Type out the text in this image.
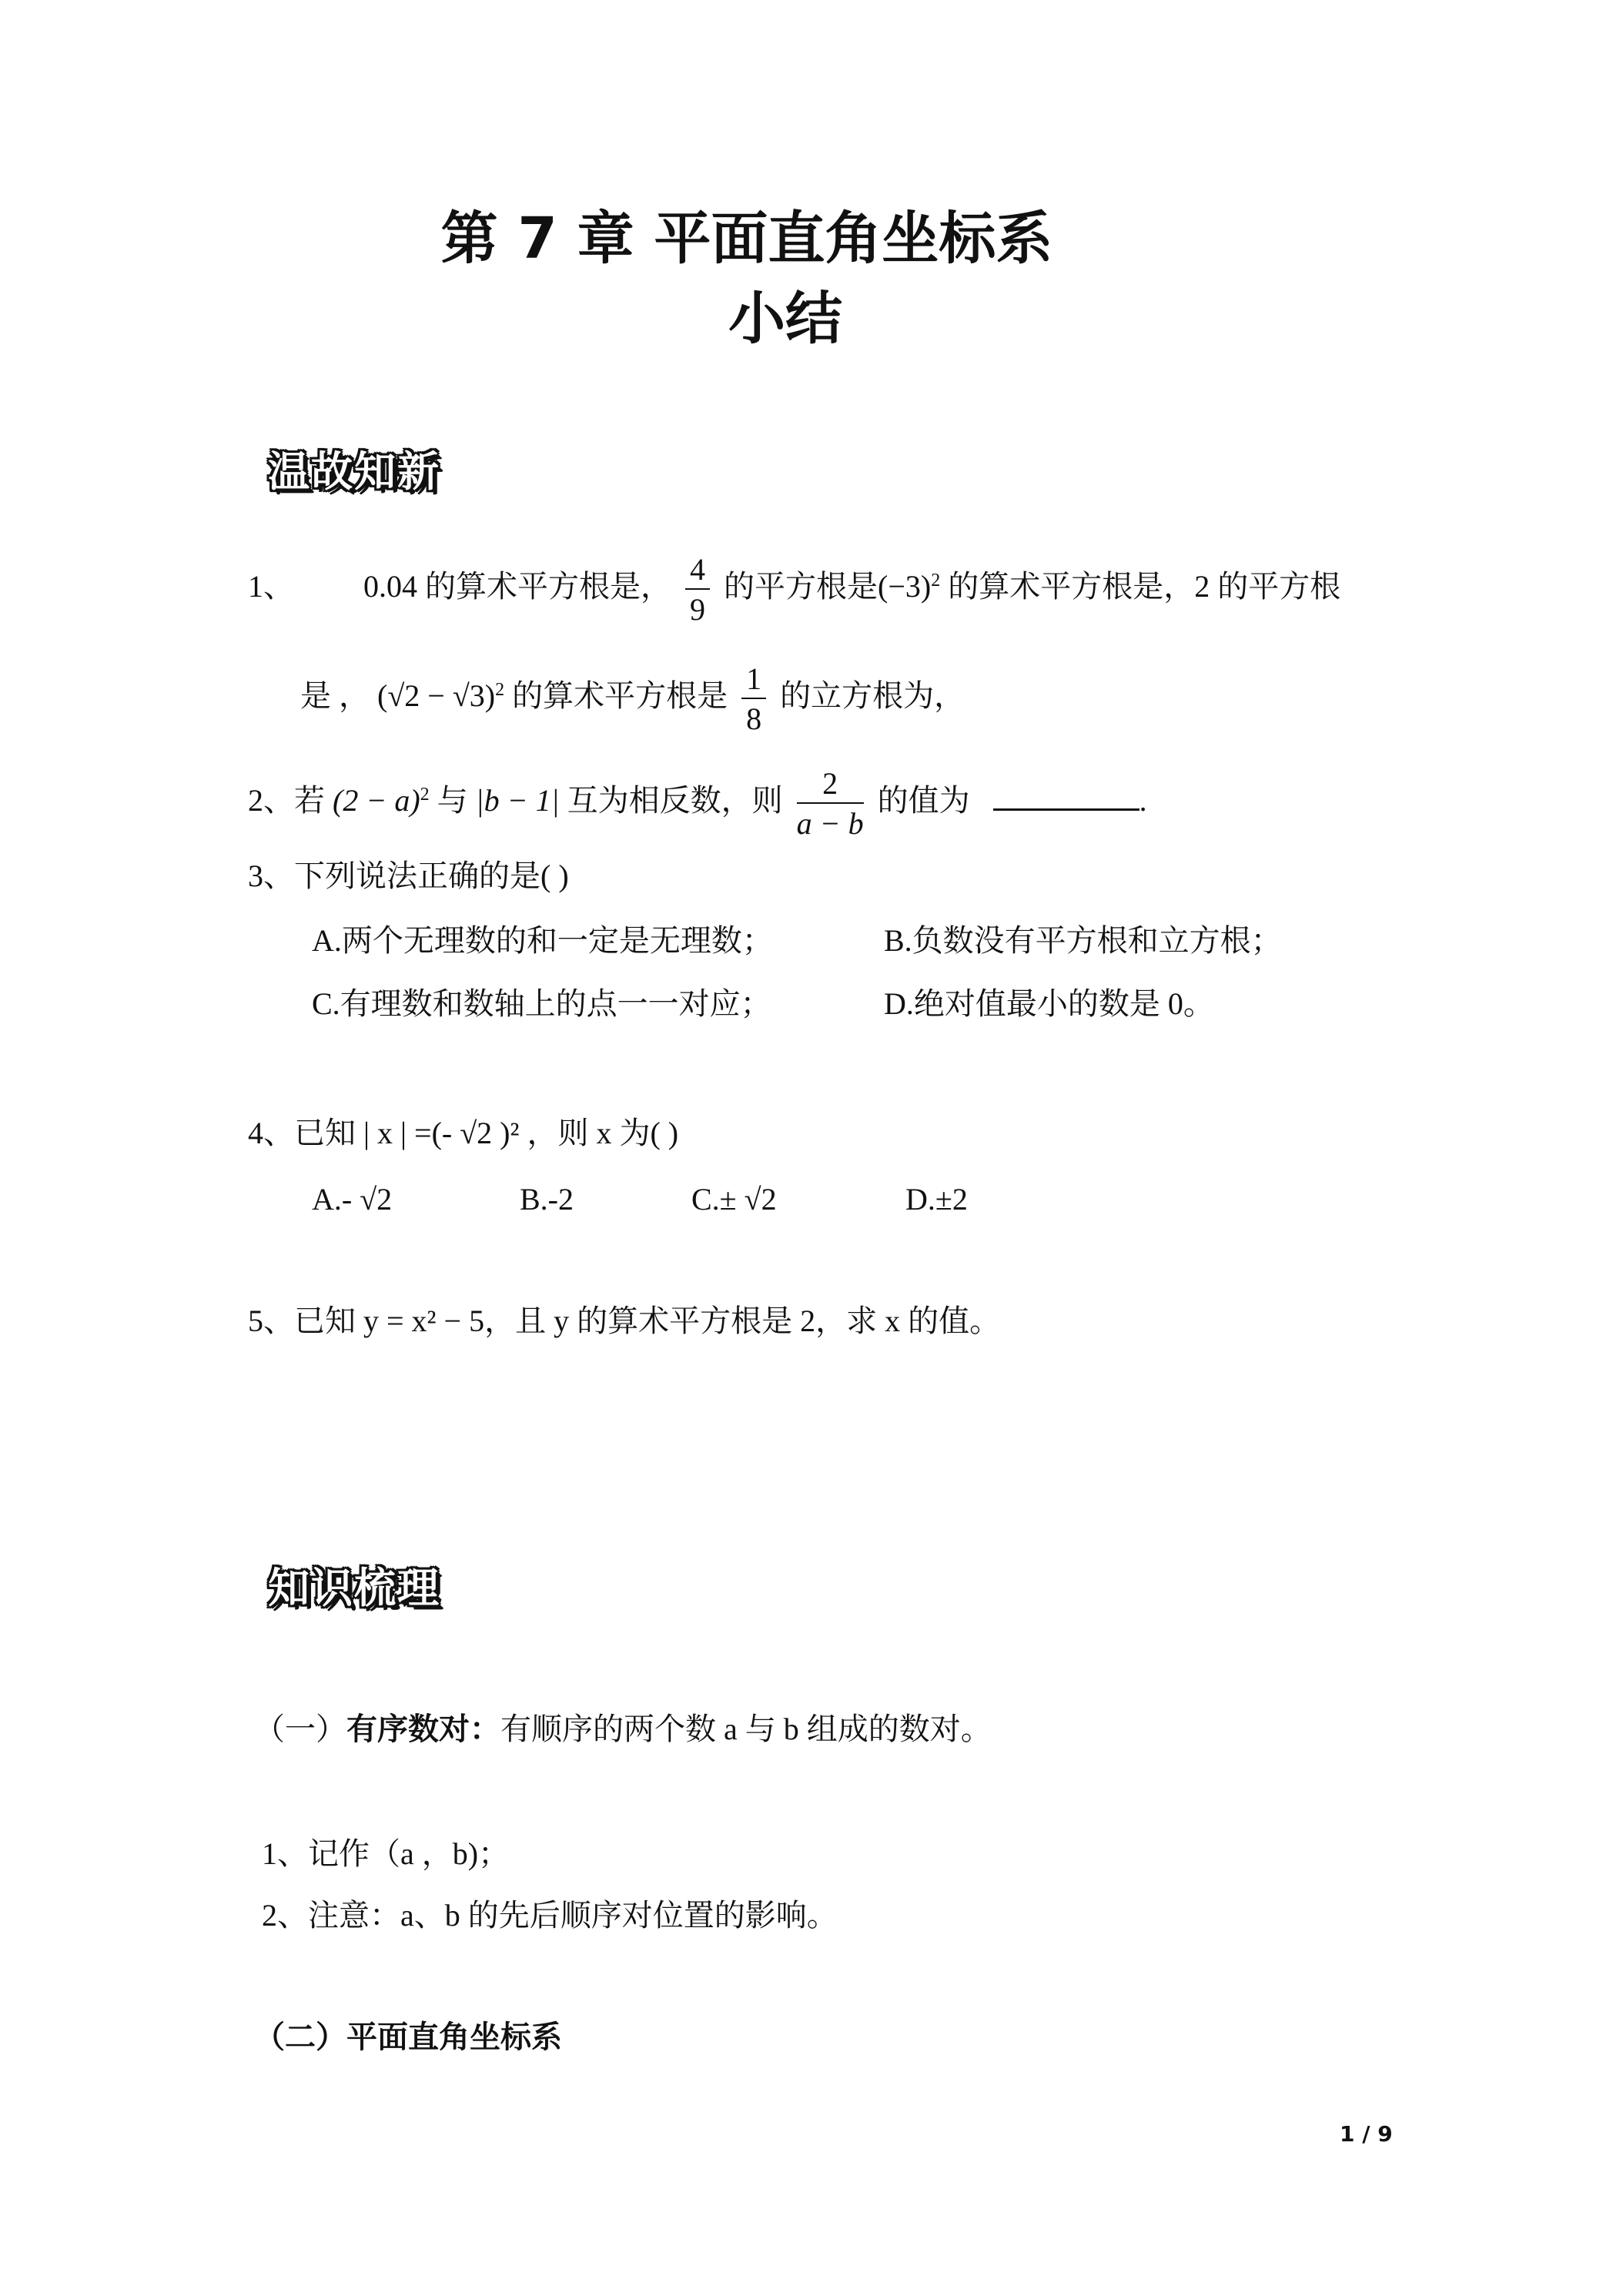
第 7 章 平面直角坐标系
小结
温故知新
1、 0.04 的算术平方根是， $\frac{4}{9}$ 的平方根是$(-3)^2$ 的算术平方根是，2 的平方根
是 ， $(√2 - √3)^2$ 的算术平方根是 $\frac{1}{8}$ 的立方根为，
2、若 $(2 - a)^2$ 与 |b − 1| 互为相反数，则 $\frac{2}{a - b}$ 的值为	.
3、下列说法正确的是( )
A.两个无理数的和一定是无理数；	B.负数没有平方根和立方根；
C.有理数和数轴上的点一一对应；	D.绝对值最小的数是 0。
4、已知 | x | =(- √2 )² ，则 x 为( )
A.- √2	B.-2	C.± √2	D.±2
5、已知 y = x² − 5，且 y 的算术平方根是 2，求 x 的值。
知识梳理
（一）有序数对：有顺序的两个数 a 与 b 组成的数对。
1、记作（a ，b)；
2、注意：a、b 的先后顺序对位置的影响。
（二）平面直角坐标系
1 / 9
